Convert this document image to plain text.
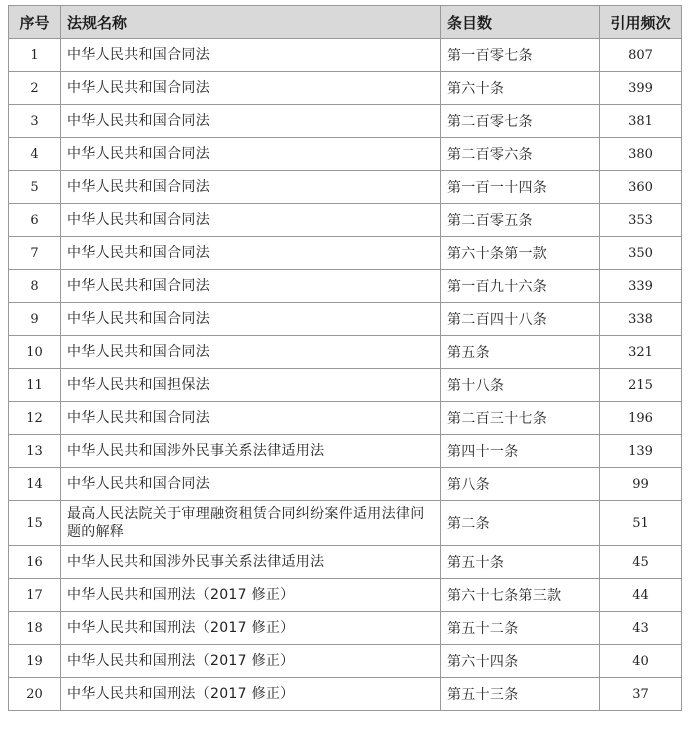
序号	法规名称	条目数	引用频次
1	中华人民共和国合同法	第一百零七条	807
2	中华人民共和国合同法	第六十条	399
3	中华人民共和国合同法	第二百零七条	381
4	中华人民共和国合同法	第二百零六条	380
5	中华人民共和国合同法	第一百一十四条	360
6	中华人民共和国合同法	第二百零五条	353
7	中华人民共和国合同法	第六十条第一款	350
8	中华人民共和国合同法	第一百九十六条	339
9	中华人民共和国合同法	第二百四十八条	338
10	中华人民共和国合同法	第五条	321
11	中华人民共和国担保法	第十八条	215
12	中华人民共和国合同法	第二百三十七条	196
13	中华人民共和国涉外民事关系法律适用法	第四十一条	139
14	中华人民共和国合同法	第八条	99
15	最高人民法院关于审理融资租赁合同纠纷案件适用法律问题的解释	第二条	51
16	中华人民共和国涉外民事关系法律适用法	第五十条	45
17	中华人民共和国刑法（2017 修正）	第六十七条第三款	44
18	中华人民共和国刑法（2017 修正）	第五十二条	43
19	中华人民共和国刑法（2017 修正）	第六十四条	40
20	中华人民共和国刑法（2017 修正）	第五十三条	37
